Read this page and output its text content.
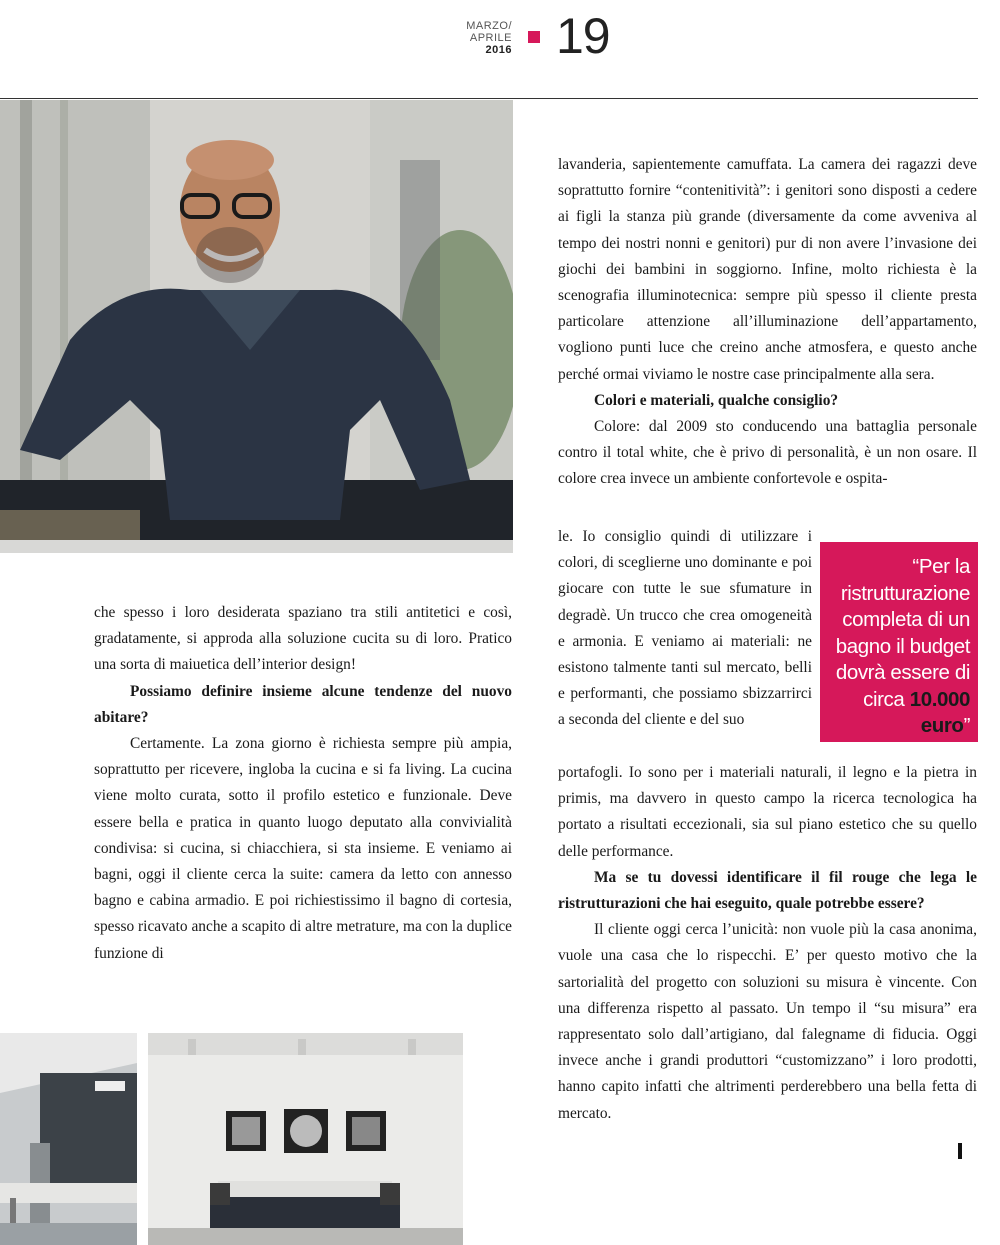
MARZO/
APRILE
2016 19

che spesso i loro desiderata spaziano tra stili antitetici e così, gradatamente, si approda alla soluzione cucita su di loro. Pratico una sorta di maiuetica dell’interior design!

Possiamo definire insieme alcune tendenze del nuovo abitare?

Certamente. La zona giorno è richiesta sempre più ampia, soprattutto per ricevere, ingloba la cucina e si fa living. La cucina viene molto curata, sotto il profilo estetico e funzionale. Deve essere bella e pratica in quanto luogo deputato alla convivialità condivisa: si cucina, si chiacchiera, si sta insieme. E veniamo ai bagni, oggi il cliente cerca la suite: camera da letto con annesso bagno e cabina armadio. E poi richiestissimo il bagno di cortesia, spesso ricavato anche a scapito di altre metrature, ma con la duplice funzione di

lavanderia, sapientemente camuffata. La camera dei ragazzi deve soprattutto fornire “contenitività”: i genitori sono disposti a cedere ai figli la stanza più grande (diversamente da come avveniva al tempo dei nostri nonni e genitori) pur di non avere l’invasione dei giochi dei bambini in soggiorno. Infine, molto richiesta è la scenografia illuminotecnica: sempre più spesso il cliente presta particolare attenzione all’illuminazione dell’appartamento, vogliono punti luce che creino anche atmosfera, e questo anche perché ormai viviamo le nostre case principalmente alla sera.

Colori e materiali, qualche consiglio?

Colore: dal 2009 sto conducendo una battaglia personale contro il total white, che è privo di personalità, è un non osare. Il colore crea invece un ambiente confortevole e ospita-

le. Io consiglio quindi di utilizzare i colori, di sceglierne uno dominante e poi giocare con tutte le sue sfumature in degradè. Un trucco che crea omogeneità e armonia. E veniamo ai materiali: ne esistono talmente tanti sul mercato, belli e performanti, che possiamo sbizzarrirci a seconda del cliente e del suo

“Per la ristrutturazione completa di un bagno il budget dovrà essere di circa 10.000 euro”

portafogli. Io sono per i materiali naturali, il legno e la pietra in primis, ma davvero in questo campo la ricerca tecnologica ha portato a risultati eccezionali, sia sul piano estetico che su quello delle performance.

Ma se tu dovessi identificare il fil rouge che lega le ristrutturazioni che hai eseguito, quale potrebbe essere?

Il cliente oggi cerca l’unicità: non vuole più la casa anonima, vuole una casa che lo rispecchi. E’ per questo motivo che la sartorialità del progetto con soluzioni su misura è vincente. Con una differenza rispetto al passato. Un tempo il “su misura” era rappresentato solo dall’artigiano, dal falegname di fiducia. Oggi invece anche i grandi produttori “customizzano” i loro prodotti, hanno capito infatti che altrimenti perderebbero una bella fetta di mercato.
